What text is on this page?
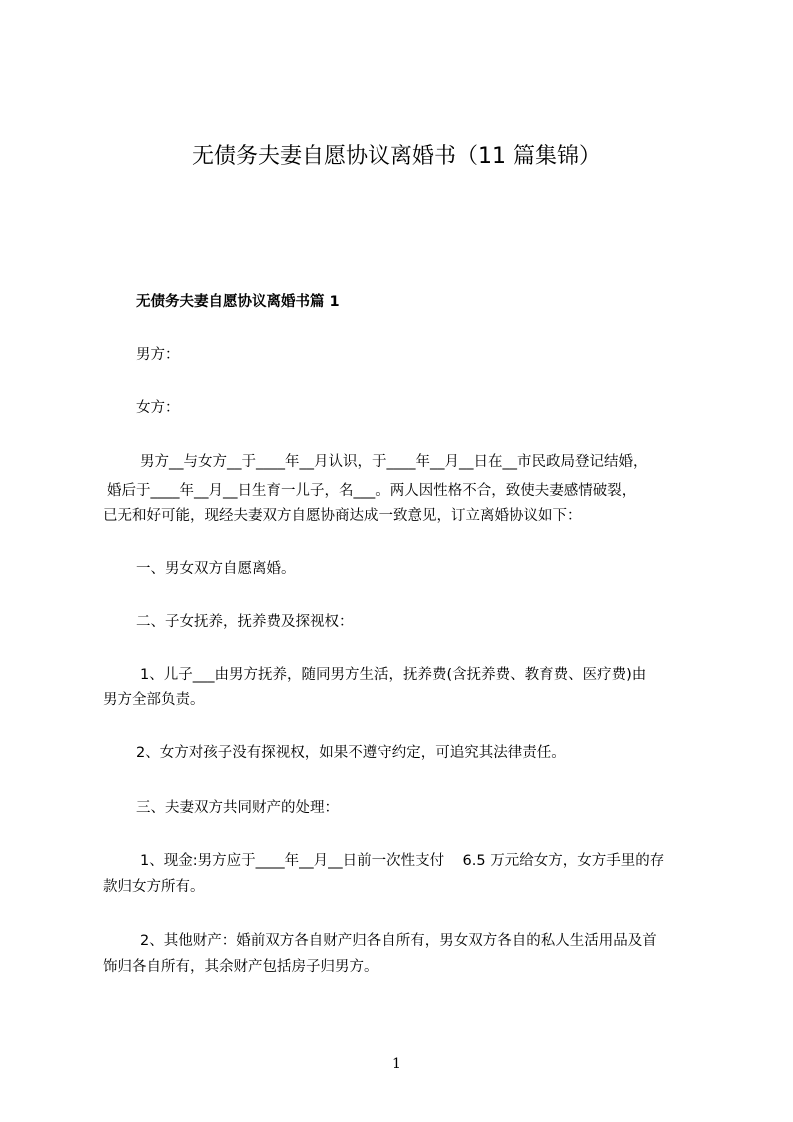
无债务夫妻自愿协议离婚书（11 篇集锦）
无债务夫妻自愿协议离婚书篇 1
男方：
女方：
男方__与女方__于____年__月认识，于____年__月__日在__市民政局登记结婚，
婚后于____年__月__日生育一儿子，名___。两人因性格不合，致使夫妻感情破裂，
已无和好可能，现经夫妻双方自愿协商达成一致意见，订立离婚协议如下：
一、男女双方自愿离婚。
二、子女抚养，抚养费及探视权：
1、儿子___由男方抚养，随同男方生活，抚养费(含抚养费、教育费、医疗费)由
男方全部负责。
2、女方对孩子没有探视权，如果不遵守约定，可追究其法律责任。
三、夫妻双方共同财产的处理：
1、现金:男方应于____年__月__日前一次性支付    6.5 万元给女方，女方手里的存
款归女方所有。
2、其他财产：婚前双方各自财产归各自所有，男女双方各自的私人生活用品及首
饰归各自所有，其余财产包括房子归男方。
1
